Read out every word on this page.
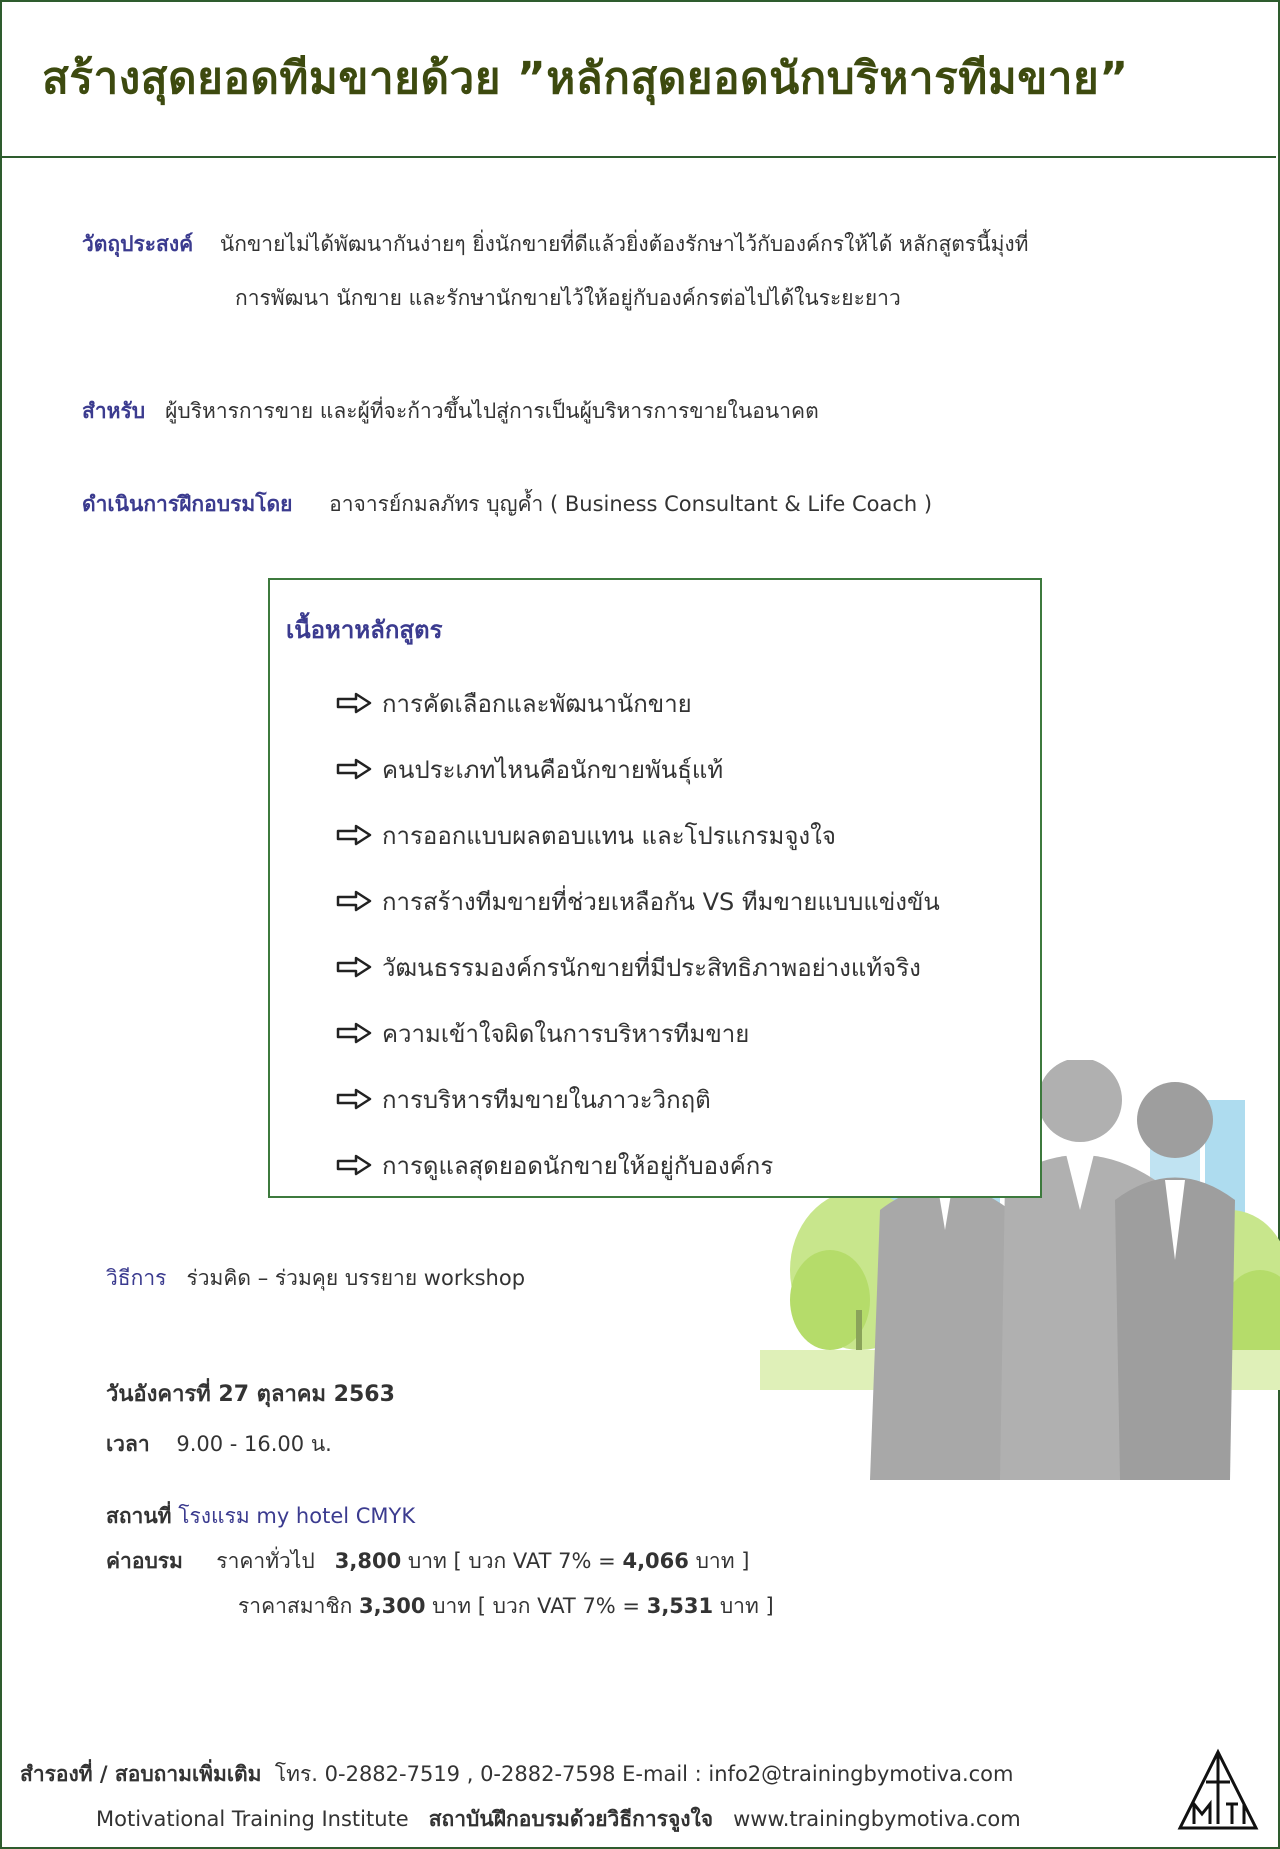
สร้างสุดยอดทีมขายด้วย ”หลักสุดยอดนักบริหารทีมขาย”
วัตถุประสงค์ นักขายไม่ได้พัฒนากันง่ายๆ ยิ่งนักขายที่ดีแล้วยิ่งต้องรักษาไว้กับองค์กรให้ได้ หลักสูตรนี้มุ่งที่
การพัฒนา นักขาย และรักษานักขายไว้ให้อยู่กับองค์กรต่อไปได้ในระยะยาว
สำหรับ ผู้บริหารการขาย และผู้ที่จะก้าวขึ้นไปสู่การเป็นผู้บริหารการขายในอนาคต
ดำเนินการฝึกอบรมโดย อาจารย์กมลภัทร บุญค้ำ ( Business Consultant & Life Coach )
เนื้อหาหลักสูตร
การคัดเลือกและพัฒนานักขาย
คนประเภทไหนคือนักขายพันธุ์แท้
การออกแบบผลตอบแทน และโปรแกรมจูงใจ
การสร้างทีมขายที่ช่วยเหลือกัน VS ทีมขายแบบแข่งขัน
วัฒนธรรมองค์กรนักขายที่มีประสิทธิภาพอย่างแท้จริง
ความเข้าใจผิดในการบริหารทีมขาย
การบริหารทีมขายในภาวะวิกฤติ
การดูแลสุดยอดนักขายให้อยู่กับองค์กร
วิธีการ ร่วมคิด – ร่วมคุย บรรยาย workshop
วันอังคารที่ 27 ตุลาคม 2563
เวลา 9.00 - 16.00 น.
สถานที่ โรงแรม my hotel CMYK
ค่าอบรม ราคาทั่วไป 3,800 บาท [ บวก VAT 7% = 4,066 บาท ]
ราคาสมาชิก 3,300 บาท [ บวก VAT 7% = 3,531 บาท ]
สำรองที่ / สอบถามเพิ่มเติม โทร. 0-2882-7519 , 0-2882-7598 E-mail : info2@trainingbymotiva.com
Motivational Training Institute สถาบันฝึกอบรมด้วยวิธีการจูงใจ www.trainingbymotiva.com
